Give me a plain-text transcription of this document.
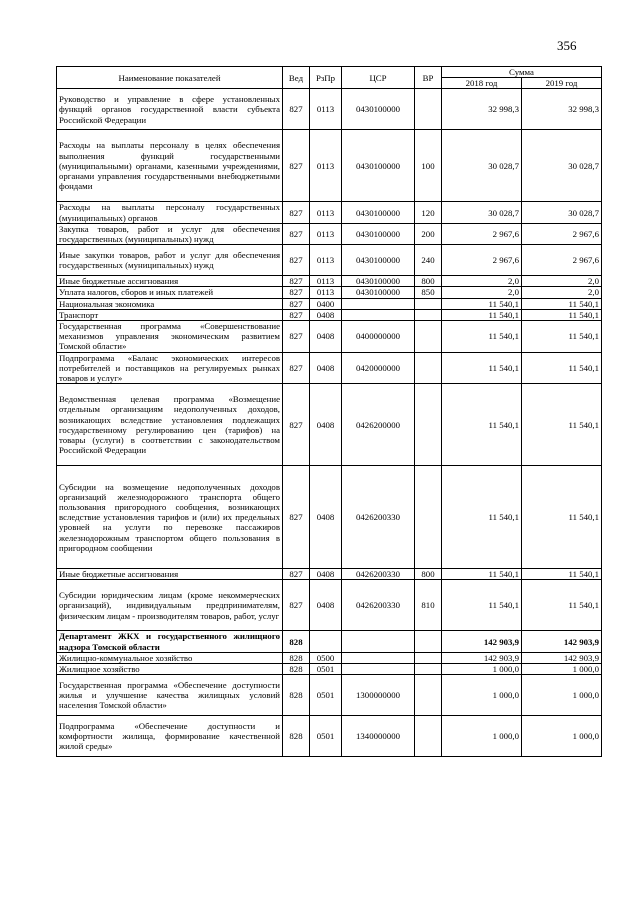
356
Наименование показателей	Вед	РзПр	ЦСР	ВР	Сумма	
					2018 год	2019 год
Руководство и управление в сфере установленных функций органов государственной власти субъекта Российской Федерации	827	0113	0430100000		32 998,3	32 998,3
Расходы на выплаты персоналу в целях обеспечения выполнения функций государственными (муниципальными) органами, казенными учреждениями, органами управления государственными внебюджетными фондами	827	0113	0430100000	100	30 028,7	30 028,7
Расходы на выплаты персоналу государственных (муниципальных) органов	827	0113	0430100000	120	30 028,7	30 028,7
Закупка товаров, работ и услуг для обеспечения государственных (муниципальных) нужд	827	0113	0430100000	200	2 967,6	2 967,6
Иные закупки товаров, работ и услуг для обеспечения государственных (муниципальных) нужд	827	0113	0430100000	240	2 967,6	2 967,6
Иные бюджетные ассигнования	827	0113	0430100000	800	2,0	2,0
Уплата налогов, сборов и иных платежей	827	0113	0430100000	850	2,0	2,0
Национальная экономика	827	0400			11 540,1	11 540,1
Транспорт	827	0408			11 540,1	11 540,1
Государственная программа «Совершенствование механизмов управления экономическим развитием Томской области»	827	0408	0400000000		11 540,1	11 540,1
Подпрограмма «Баланс экономических интересов потребителей и поставщиков на регулируемых рынках товаров и услуг»	827	0408	0420000000		11 540,1	11 540,1
Ведомственная целевая программа «Возмещение отдельным организациям недополученных доходов, возникающих вследствие установления подлежащих государственному регулированию цен (тарифов) на товары (услуги) в соответствии с законодательством Российской Федерации	827	0408	0426200000		11 540,1	11 540,1
Субсидии на возмещение недополученных доходов организаций железнодорожного транспорта общего пользования пригородного сообщения, возникающих вследствие установления тарифов и (или) их предельных уровней на услуги по перевозке пассажиров железнодорожным транспортом общего пользования в пригородном сообщении	827	0408	0426200330		11 540,1	11 540,1
Иные бюджетные ассигнования	827	0408	0426200330	800	11 540,1	11 540,1
Субсидии юридическим лицам (кроме некоммерческих организаций), индивидуальным предпринимателям, физическим лицам - производителям товаров, работ, услуг	827	0408	0426200330	810	11 540,1	11 540,1
Департамент ЖКХ и государственного жилищного надзора Томской области	828				142 903,9	142 903,9
Жилищно-коммунальное хозяйство	828	0500			142 903,9	142 903,9
Жилищное хозяйство	828	0501			1 000,0	1 000,0
Государственная программа «Обеспечение доступности жилья и улучшение качества жилищных условий населения Томской области»	828	0501	1300000000		1 000,0	1 000,0
Подпрограмма «Обеспечение доступности и комфортности жилища, формирование качественной жилой среды»	828	0501	1340000000		1 000,0	1 000,0
